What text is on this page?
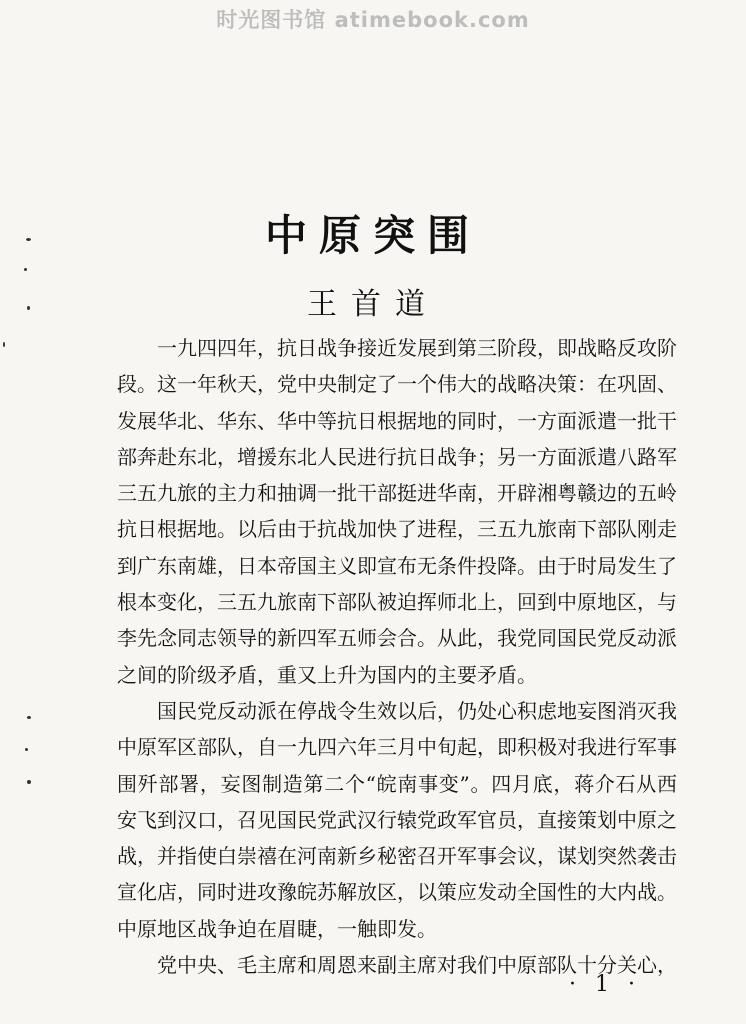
时光图书馆 atimebook.com
中原突围
王首道

一九四四年，抗日战争接近发展到第三阶段，即战略反攻阶段。这一年秋天，党中央制定了一个伟大的战略决策：在巩固、发展华北、华东、华中等抗日根据地的同时，一方面派遣一批干部奔赴东北，增援东北人民进行抗日战争；另一方面派遣八路军三五九旅的主力和抽调一批干部挺进华南，开辟湘粤赣边的五岭抗日根据地。以后由于抗战加快了进程，三五九旅南下部队刚走到广东南雄，日本帝国主义即宣布无条件投降。由于时局发生了根本变化，三五九旅南下部队被迫挥师北上，回到中原地区，与李先念同志领导的新四军五师会合。从此，我党同国民党反动派之间的阶级矛盾，重又上升为国内的主要矛盾。

国民党反动派在停战令生效以后，仍处心积虑地妄图消灭我中原军区部队，自一九四六年三月中旬起，即积极对我进行军事围歼部署，妄图制造第二个“皖南事变”。四月底，蒋介石从西安飞到汉口，召见国民党武汉行辕党政军官员，直接策划中原之战，并指使白崇禧在河南新乡秘密召开军事会议，谋划突然袭击宣化店，同时进攻豫皖苏解放区，以策应发动全国性的大内战。中原地区战争迫在眉睫，一触即发。

党中央、毛主席和周恩来副主席对我们中原部队十分关心，

· 1 ·
